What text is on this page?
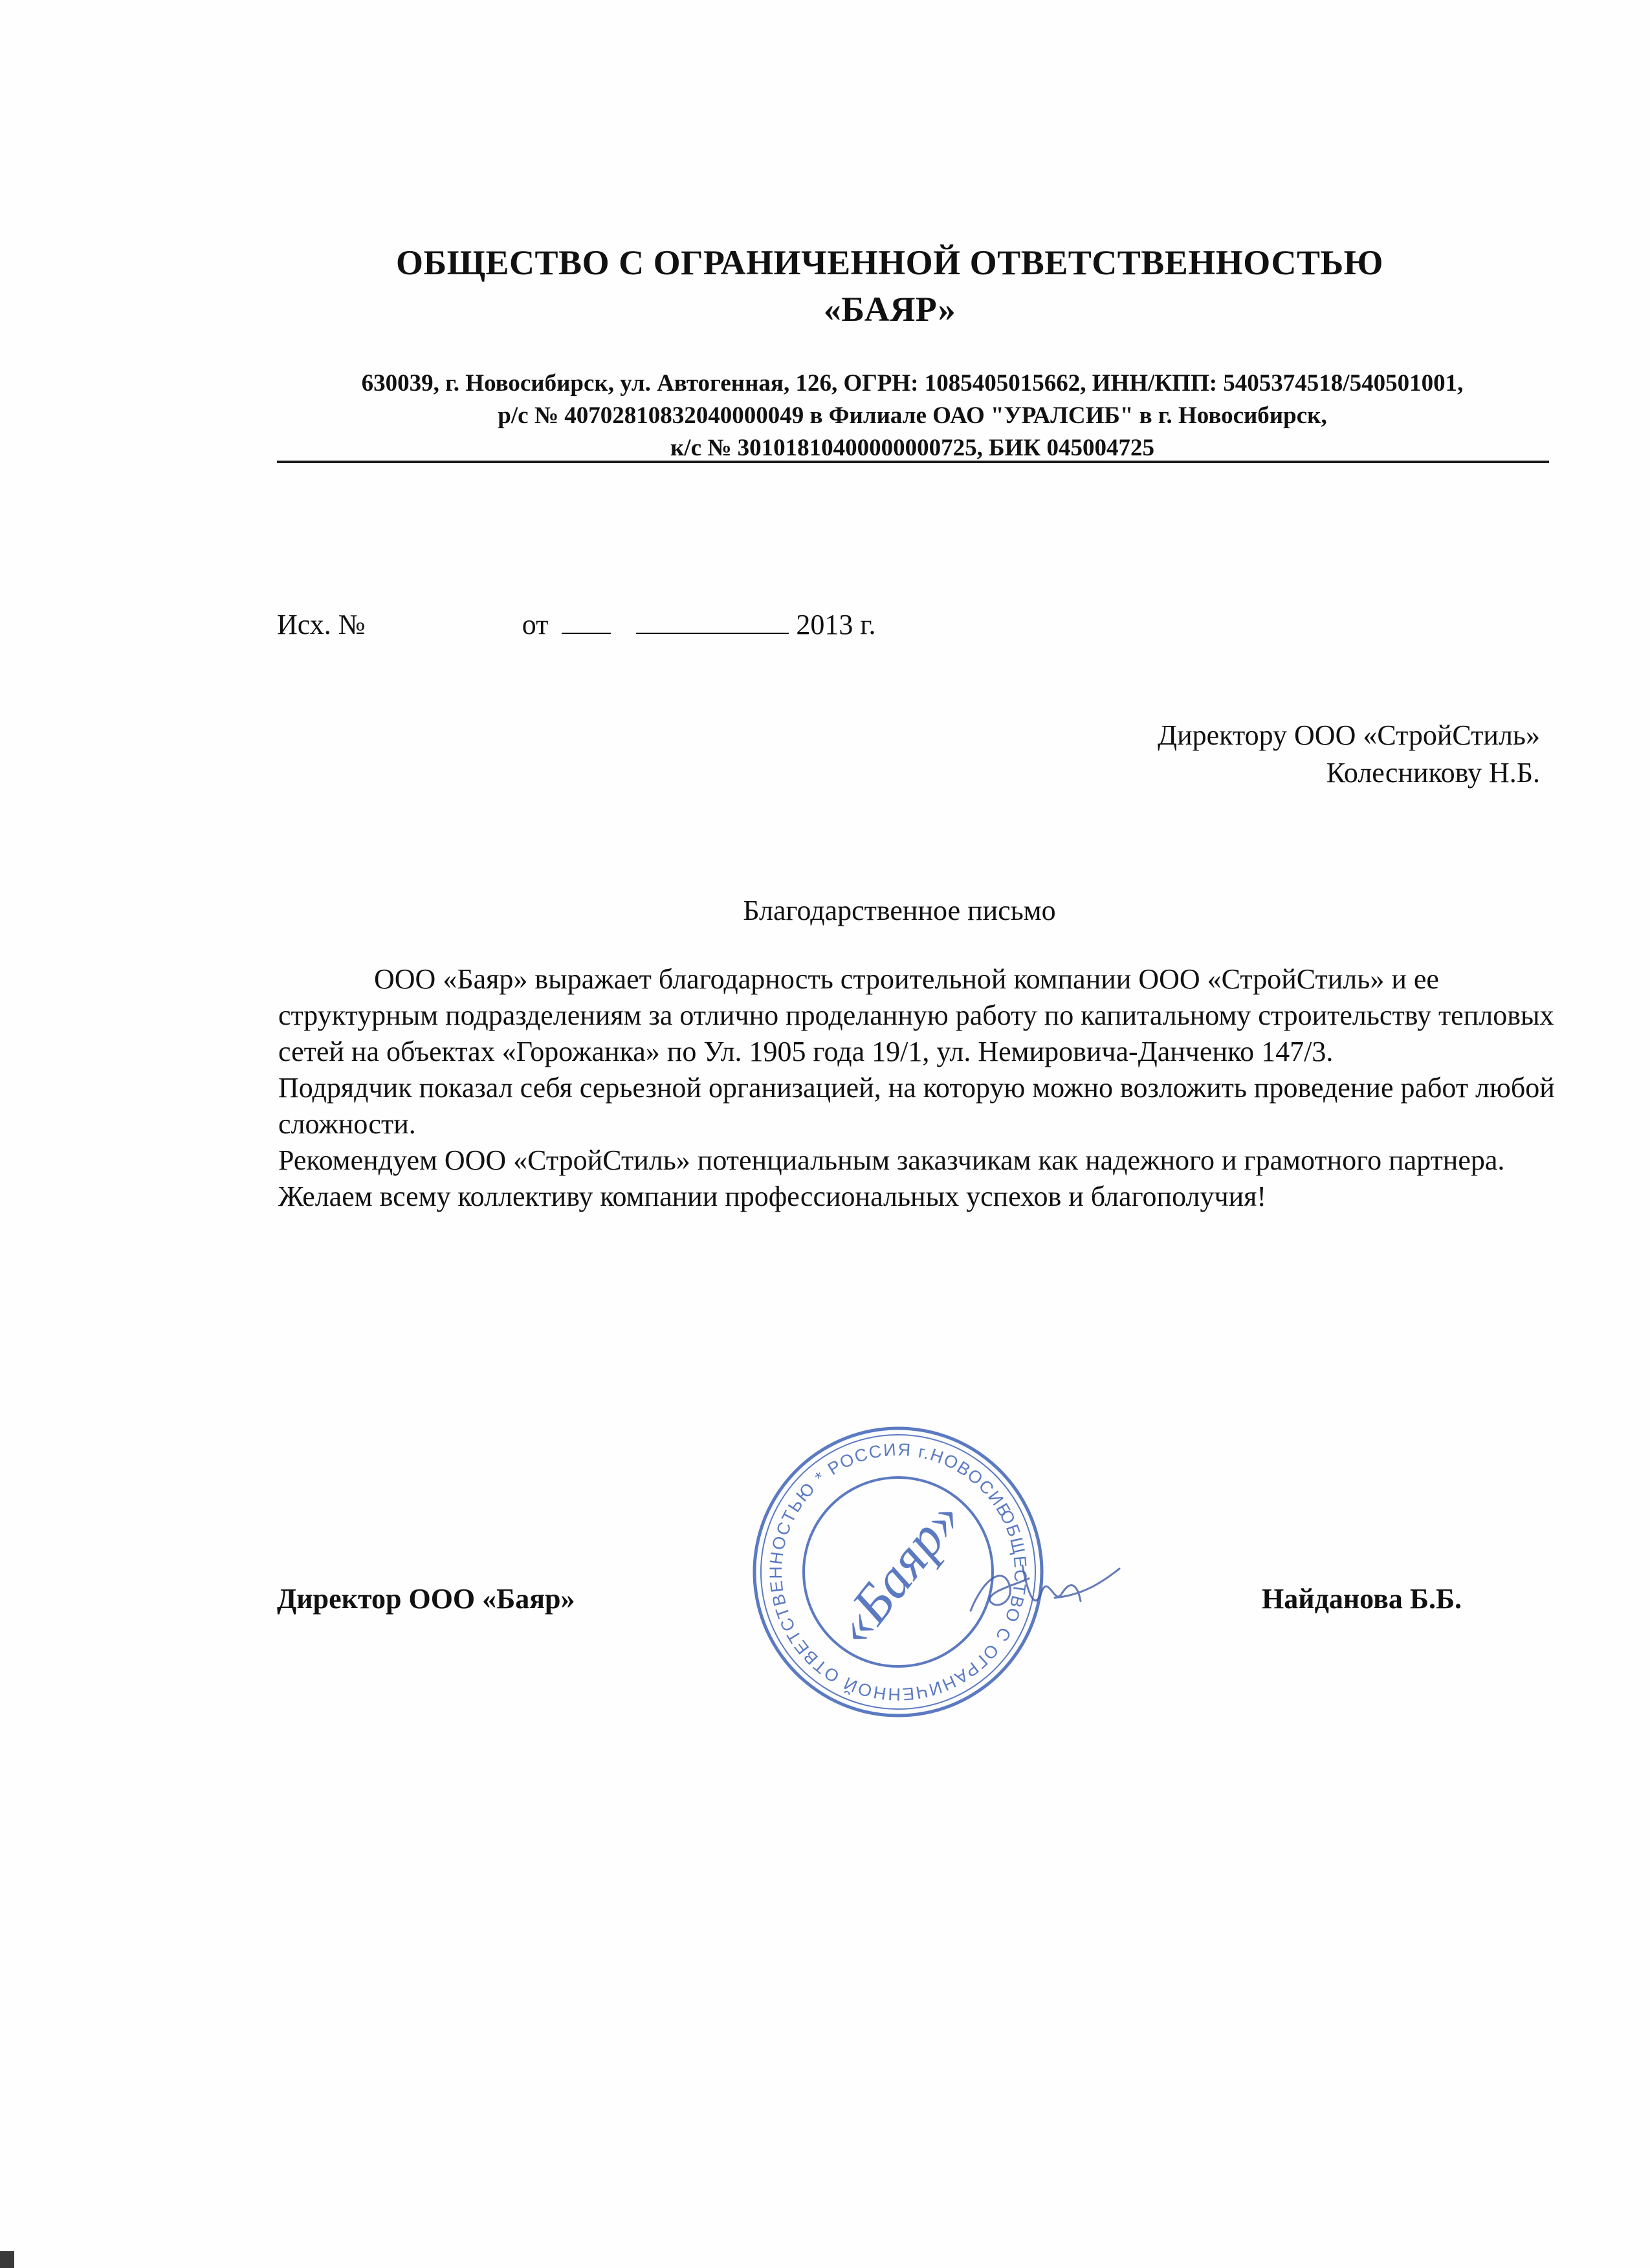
ОБЩЕСТВО С ОГРАНИЧЕННОЙ ОТВЕТСТВЕННОСТЬЮ
«БАЯР»
630039, г. Новосибирск, ул. Автогенная, 126, ОГРН: 1085405015662, ИНН/КПП: 5405374518/540501001,
р/с № 40702810832040000049 в Филиале ОАО "УРАЛСИБ" в г. Новосибирск,
к/с № 30101810400000000725, БИК 045004725
Исх. №	от	2013 г.
Директору ООО «СтройСтиль»
Колесникову Н.Б.
Благодарственное письмо

ООО «Баяр» выражает благодарность строительной компании ООО «СтройСтиль» и ее структурным подразделениям за отлично проделанную работу по капитальному строительству тепловых сетей на объектах «Горожанка» по Ул. 1905 года 19/1, ул. Немировича-Данченко 147/3.

Подрядчик показал себя серьезной организацией, на которую можно возложить проведение работ любой сложности.

Рекомендуем ООО «СтройСтиль» потенциальным заказчикам как надежного и грамотного партнера.

Желаем всему коллективу компании профессиональных успехов и благополучия!

Директор ООО «Баяр»	Найданова Б.Б.
ОБЩЕСТВО С ОГРАНИЧЕННОЙ ОТВЕТСТВЕННОСТЬЮ * РОССИЯ г.НОВОСИБИРСК
«Баяр»
